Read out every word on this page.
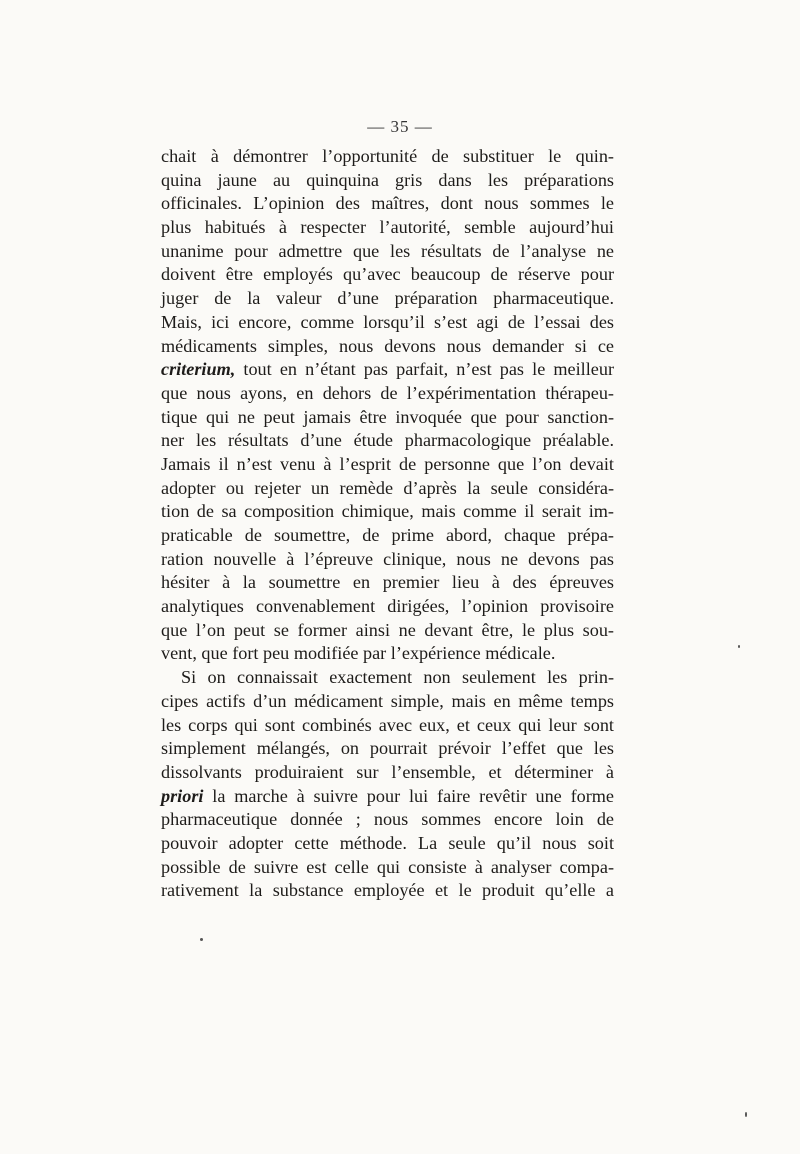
— 35 —
chait à démontrer l’opportunité de substituer le quin-
quina jaune au quinquina gris dans les préparations
officinales. L’opinion des maîtres, dont nous sommes le
plus habitués à respecter l’autorité, semble aujourd’hui
unanime pour admettre que les résultats de l’analyse ne
doivent être employés qu’avec beaucoup de réserve pour
juger de la valeur d’une préparation pharmaceutique.
Mais, ici encore, comme lorsqu’il s’est agi de l’essai des
médicaments simples, nous devons nous demander si ce
criterium, tout en n’étant pas parfait, n’est pas le meilleur
que nous ayons, en dehors de l’expérimentation thérapeu-
tique qui ne peut jamais être invoquée que pour sanction-
ner les résultats d’une étude pharmacologique préalable.
Jamais il n’est venu à l’esprit de personne que l’on devait
adopter ou rejeter un remède d’après la seule considéra-
tion de sa composition chimique, mais comme il serait im-
praticable de soumettre, de prime abord, chaque prépa-
ration nouvelle à l’épreuve clinique, nous ne devons pas
hésiter à la soumettre en premier lieu à des épreuves
analytiques convenablement dirigées, l’opinion provisoire
que l’on peut se former ainsi ne devant être, le plus sou-
vent, que fort peu modifiée par l’expérience médicale.
Si on connaissait exactement non seulement les prin-
cipes actifs d’un médicament simple, mais en même temps
les corps qui sont combinés avec eux, et ceux qui leur sont
simplement mélangés, on pourrait prévoir l’effet que les
dissolvants produiraient sur l’ensemble, et déterminer à
priori la marche à suivre pour lui faire revêtir une forme
pharmaceutique donnée ; nous sommes encore loin de
pouvoir adopter cette méthode. La seule qu’il nous soit
possible de suivre est celle qui consiste à analyser compa-
rativement la substance employée et le produit qu’elle a
